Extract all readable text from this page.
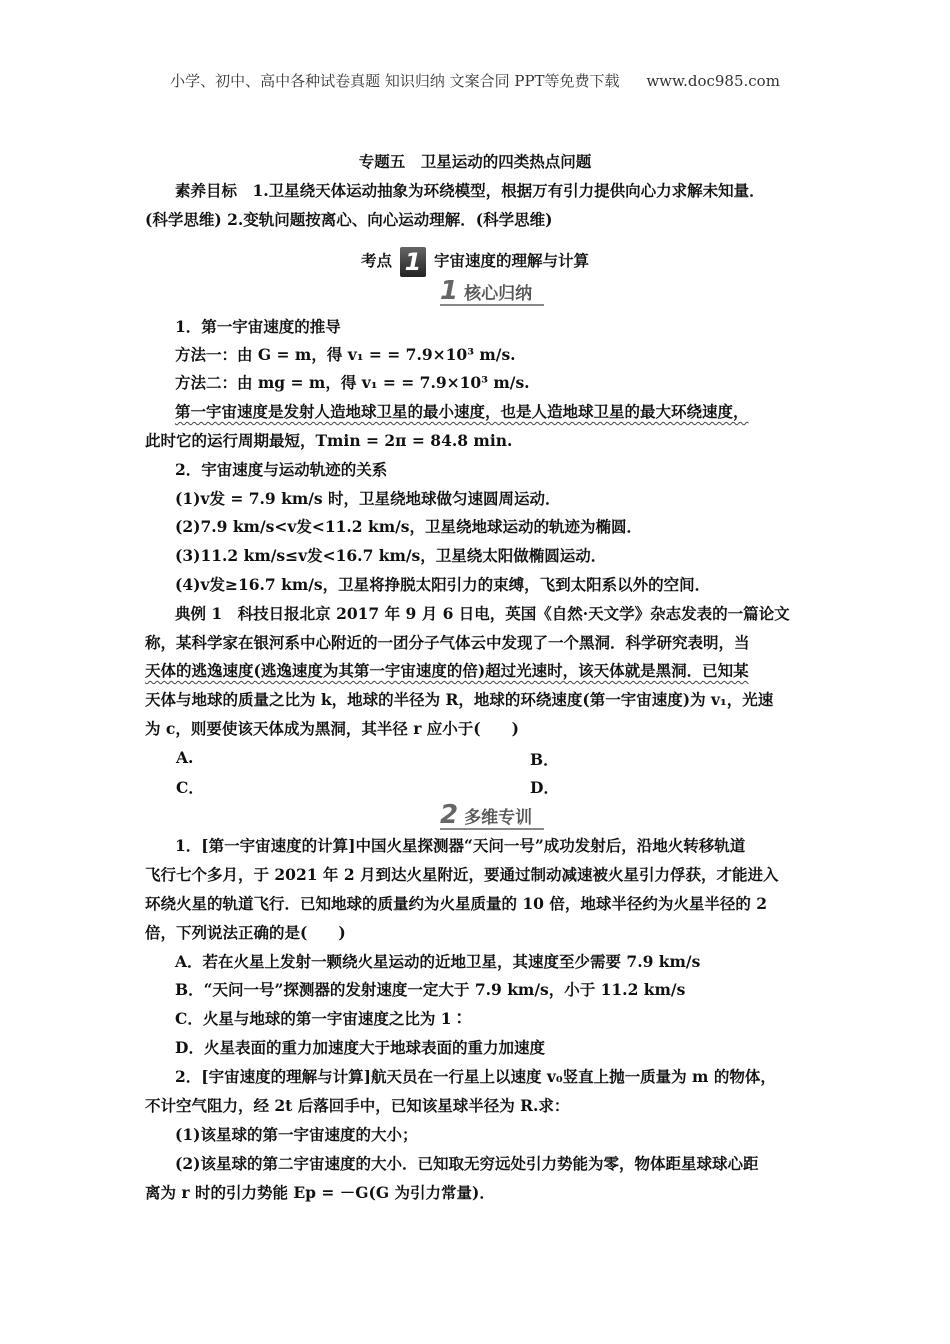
小学、初中、高中各种试卷真题 知识归纳 文案合同 PPT等免费下载 www.doc985.com
专题五　卫星运动的四类热点问题
素养目标　1.卫星绕天体运动抽象为环绕模型，根据万有引力提供向心力求解未知量．
(科学思维) 2.变轨问题按离心、向心运动理解．(科学思维)
考点 1 宇宙速度的理解与计算
1 核心归纳
1．第一宇宙速度的推导
方法一：由 G = m，得 v₁ = = 7.9×10³ m/s.
方法二：由 mg = m，得 v₁ = = 7.9×10³ m/s.
第一宇宙速度是发射人造地球卫星的最小速度，也是人造地球卫星的最大环绕速度，
此时它的运行周期最短，Tmin = 2π = 84.8 min.
2．宇宙速度与运动轨迹的关系
(1)v发 = 7.9 km/s 时，卫星绕地球做匀速圆周运动．
(2)7.9 km/s<v发<11.2 km/s，卫星绕地球运动的轨迹为椭圆．
(3)11.2 km/s≤v发<16.7 km/s，卫星绕太阳做椭圆运动．
(4)v发≥16.7 km/s，卫星将挣脱太阳引力的束缚，飞到太阳系以外的空间．
典例 1　科技日报北京 2017 年 9 月 6 日电，英国《自然·天文学》杂志发表的一篇论文
称，某科学家在银河系中心附近的一团分子气体云中发现了一个黑洞．科学研究表明，当
天体的逃逸速度(逃逸速度为其第一宇宙速度的倍)超过光速时，该天体就是黑洞．已知某
天体与地球的质量之比为 k，地球的半径为 R，地球的环绕速度(第一宇宙速度)为 v₁，光速
为 c，则要使该天体成为黑洞，其半径 r 应小于(　　)
A.	B．
C．	D．
2 多维专训
1．[第一宇宙速度的计算]中国火星探测器“天问一号”成功发射后，沿地火转移轨道
飞行七个多月，于 2021 年 2 月到达火星附近，要通过制动减速被火星引力俘获，才能进入
环绕火星的轨道飞行．已知地球的质量约为火星质量的 10 倍，地球半径约为火星半径的 2
倍，下列说法正确的是(　　)
A．若在火星上发射一颗绕火星运动的近地卫星，其速度至少需要 7.9 km/s
B．“天问一号”探测器的发射速度一定大于 7.9 km/s，小于 11.2 km/s
C．火星与地球的第一宇宙速度之比为 1∶
D．火星表面的重力加速度大于地球表面的重力加速度
2．[宇宙速度的理解与计算]航天员在一行星上以速度 v₀竖直上抛一质量为 m 的物体，
不计空气阻力，经 2t 后落回手中，已知该星球半径为 R.求：
(1)该星球的第一宇宙速度的大小；
(2)该星球的第二宇宙速度的大小．已知取无穷远处引力势能为零，物体距星球球心距
离为 r 时的引力势能 Ep = －G(G 为引力常量)．
